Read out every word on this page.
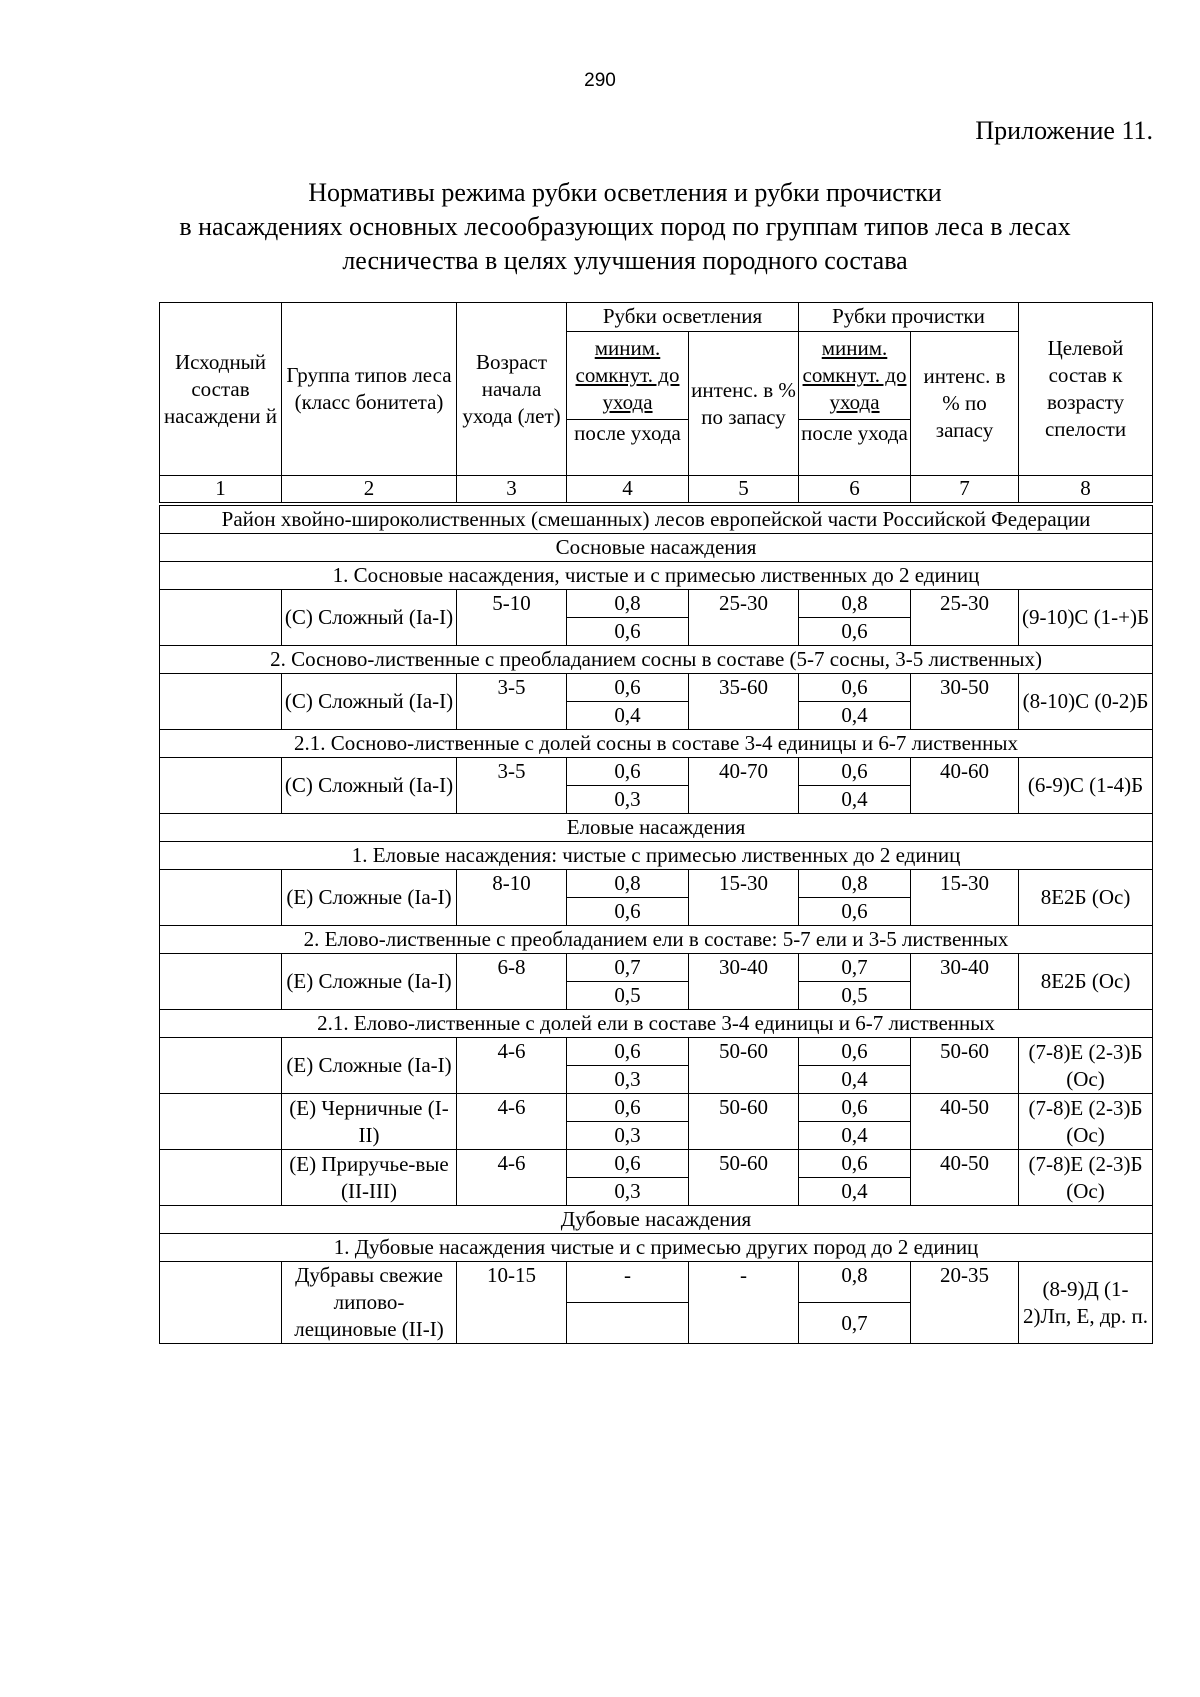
290
Приложение 11.
Нормативы режима рубки осветления и рубки прочистки
в насаждениях основных лесообразующих пород по группам типов леса в лесах
лесничества в целях улучшения породного состава
Исходный состав насаждени й	Группа типов леса (класс бонитета)	Возраст начала ухода (лет)	Рубки осветления		Рубки прочистки		Целевой состав к возрасту спелости
			миним. сомкнут. до ухода	интенс. в % по запасу	миним. сомкнут. до ухода	интенс. в % по запасу	
			после ухода		после ухода		

1	2	3	4	5	6	7	8
Район хвойно-широколиственных (смешанных) лесов европейской части Российской Федерации							
Сосновые насаждения							
1. Сосновые насаждения, чистые и с примесью лиственных до 2 единиц							
	(С) Сложный (Iа-I)	5-10	0,8	25-30	0,8	25-30	(9-10)С (1-+)Б
			0,6		0,6		
2. Сосново-лиственные с преобладанием сосны в составе (5-7 сосны, 3-5 лиственных)							
	(С) Сложный (Iа-I)	3-5	0,6	35-60	0,6	30-50	(8-10)С (0-2)Б
			0,4		0,4		
2.1. Сосново-лиственные с долей сосны в составе 3-4 единицы и 6-7 лиственных							
	(С) Сложный (Iа-I)	3-5	0,6	40-70	0,6	40-60	(6-9)С (1-4)Б
			0,3		0,4		
Еловые насаждения							
1. Еловые насаждения: чистые с примесью лиственных до 2 единиц							
	(Е) Сложные (Iа-I)	8-10	0,8	15-30	0,8	15-30	8Е2Б (Ос)
			0,6		0,6		
2. Елово-лиственные с преобладанием ели в составе: 5-7 ели и 3-5 лиственных							
	(Е) Сложные (Iа-I)	6-8	0,7	30-40	0,7	30-40	8Е2Б (Ос)
			0,5		0,5		
2.1. Елово-лиственные с долей ели в составе 3-4 единицы и 6-7 лиственных							
	(Е) Сложные (Iа-I)	4-6	0,6	50-60	0,6	50-60	(7-8)Е (2-3)Б (Ос)
			0,3		0,4		
	(Е) Черничные (I-II)	4-6	0,6	50-60	0,6	40-50	(7-8)Е (2-3)Б (Ос)
			0,3		0,4		
	(Е) Приручье-вые (II-III)	4-6	0,6	50-60	0,6	40-50	(7-8)Е (2-3)Б (Ос)
			0,3		0,4		
Дубовые насаждения							
1. Дубовые насаждения чистые и с примесью других пород до 2 единиц							
	Дубравы свежие липово-лещиновые (II-I)	10-15	-	-	0,8	20-35	(8-9)Д (1-2)Лп, Е, др. п.
					0,7		
